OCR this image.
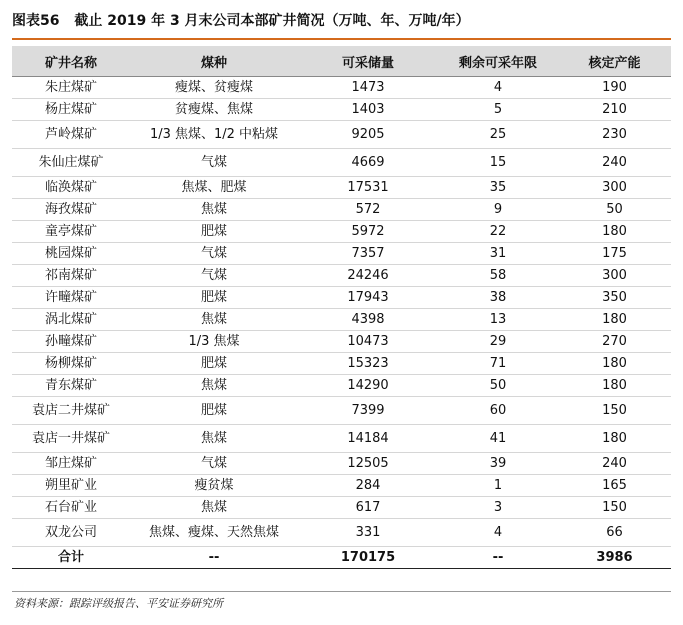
图表56 截止 2019 年 3 月末公司本部矿井简况（万吨、年、万吨/年）
矿井名称	煤种	可采储量	剩余可采年限	核定产能
朱庄煤矿	瘦煤、贫瘦煤	1473	4	190
杨庄煤矿	贫瘦煤、焦煤	1403	5	210
芦岭煤矿	1/3 焦煤、1/2 中粘煤	9205	25	230
朱仙庄煤矿	气煤	4669	15	240
临涣煤矿	焦煤、肥煤	17531	35	300
海孜煤矿	焦煤	572	9	50
童亭煤矿	肥煤	5972	22	180
桃园煤矿	气煤	7357	31	175
祁南煤矿	气煤	24246	58	300
许疃煤矿	肥煤	17943	38	350
涡北煤矿	焦煤	4398	13	180
孙疃煤矿	1/3 焦煤	10473	29	270
杨柳煤矿	肥煤	15323	71	180
青东煤矿	焦煤	14290	50	180
袁店二井煤矿	肥煤	7399	60	150
袁店一井煤矿	焦煤	14184	41	180
邹庄煤矿	气煤	12505	39	240
朔里矿业	瘦贫煤	284	1	165
石台矿业	焦煤	617	3	150
双龙公司	焦煤、瘦煤、天然焦煤	331	4	66
合计	--	170175	--	3986
资料来源：跟踪评级报告、平安证券研究所
